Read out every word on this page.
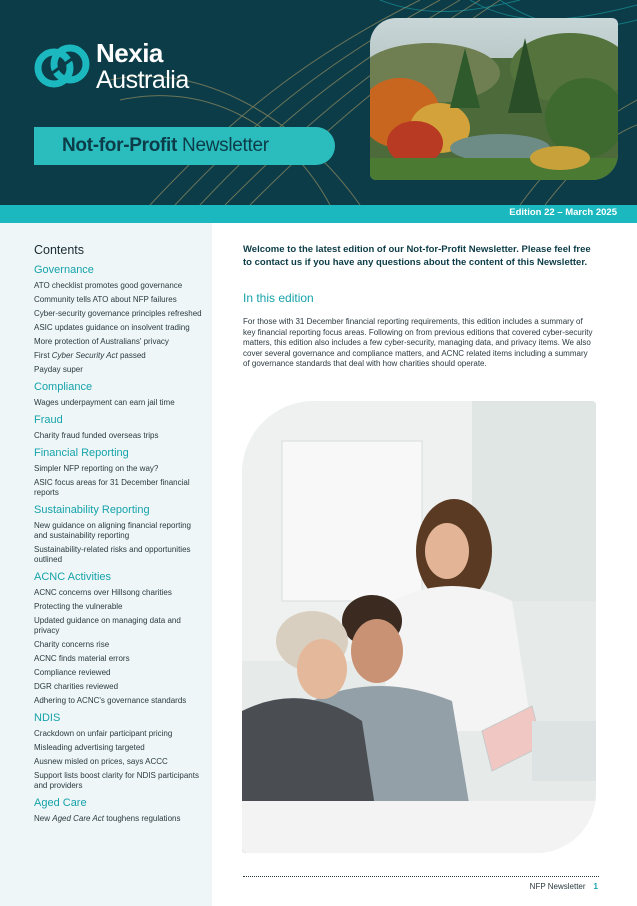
Nexia
Australia
Not-for-Profit Newsletter
Edition 22 – March 2025
Contents
Governance
ATO checklist promotes good governance
Community tells ATO about NFP failures
Cyber-security governance principles refreshed
ASIC updates guidance on insolvent trading
More protection of Australians' privacy
First Cyber Security Act passed
Payday super
Compliance
Wages underpayment can earn jail time
Fraud
Charity fraud funded overseas trips
Financial Reporting
Simpler NFP reporting on the way?
ASIC focus areas for 31 December financial reports
Sustainability Reporting
New guidance on aligning financial reporting and sustainability reporting
Sustainability-related risks and opportunities outlined
ACNC Activities
ACNC concerns over Hillsong charities
Protecting the vulnerable
Updated guidance on managing data and privacy
Charity concerns rise
ACNC finds material errors
Compliance reviewed
DGR charities reviewed
Adhering to ACNC's governance standards
NDIS
Crackdown on unfair participant pricing
Misleading advertising targeted
Ausnew misled on prices, says ACCC
Support lists boost clarity for NDIS participants and providers
Aged Care
New Aged Care Act toughens regulations
Welcome to the latest edition of our Not-for-Profit Newsletter. Please feel free to contact us if you have any questions about the content of this Newsletter.
In this edition
For those with 31 December financial reporting requirements, this edition includes a summary of key financial reporting focus areas. Following on from previous editions that covered cyber-security matters, this edition also includes a few cyber-security, managing data, and privacy items. We also cover several governance and compliance matters, and ACNC related items including a summary of governance standards that deal with how charities should operate.
NFP Newsletter 1
